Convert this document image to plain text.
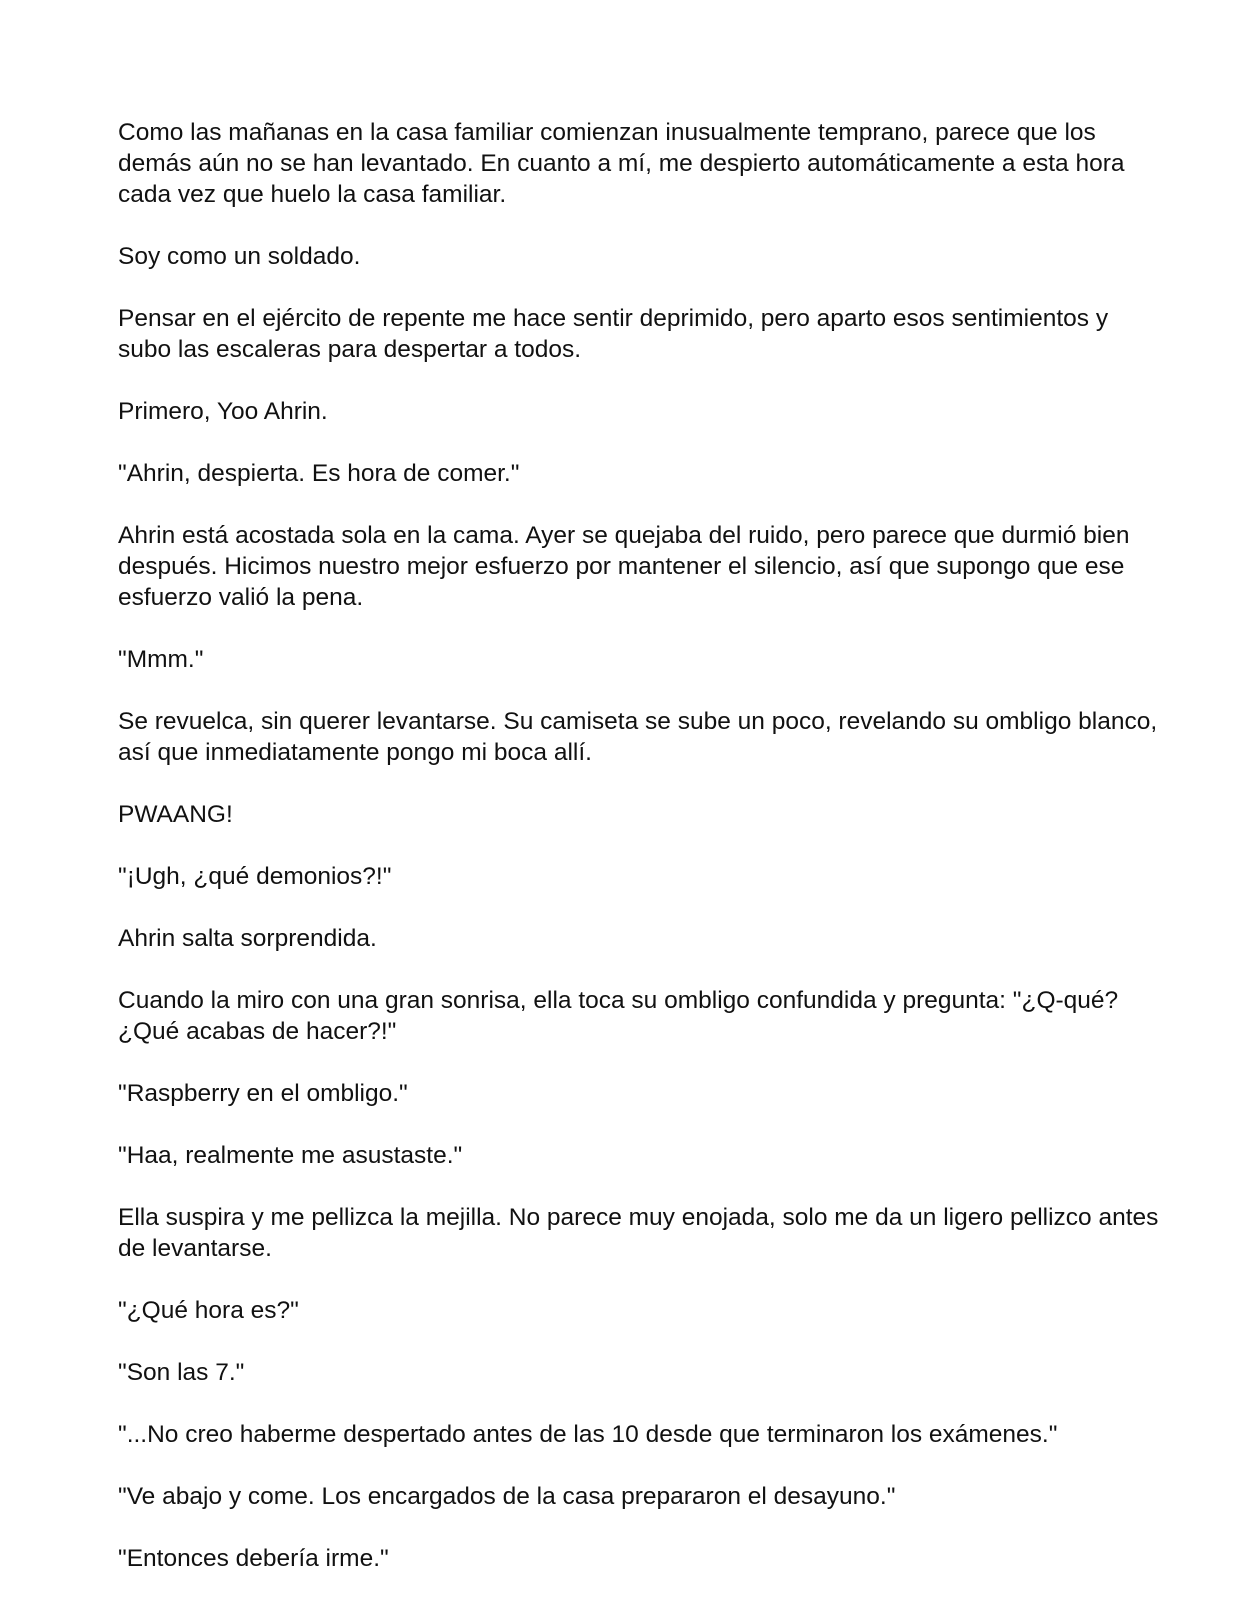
Como las mañanas en la casa familiar comienzan inusualmente temprano, parece que los demás aún no se han levantado. En cuanto a mí, me despierto automáticamente a esta hora cada vez que huelo la casa familiar.

Soy como un soldado.

Pensar en el ejército de repente me hace sentir deprimido, pero aparto esos sentimientos y subo las escaleras para despertar a todos.

Primero, Yoo Ahrin.

"Ahrin, despierta. Es hora de comer."

Ahrin está acostada sola en la cama. Ayer se quejaba del ruido, pero parece que durmió bien después. Hicimos nuestro mejor esfuerzo por mantener el silencio, así que supongo que ese esfuerzo valió la pena.

"Mmm."

Se revuelca, sin querer levantarse. Su camiseta se sube un poco, revelando su ombligo blanco, así que inmediatamente pongo mi boca allí.

PWAANG!

"¡Ugh, ¿qué demonios?!"

Ahrin salta sorprendida.

Cuando la miro con una gran sonrisa, ella toca su ombligo confundida y pregunta: "¿Q-qué? ¿Qué acabas de hacer?!"

"Raspberry en el ombligo."

"Haa, realmente me asustaste."

Ella suspira y me pellizca la mejilla. No parece muy enojada, solo me da un ligero pellizco antes de levantarse.

"¿Qué hora es?"

"Son las 7."

"...No creo haberme despertado antes de las 10 desde que terminaron los exámenes."

"Ve abajo y come. Los encargados de la casa prepararon el desayuno."

"Entonces debería irme."
